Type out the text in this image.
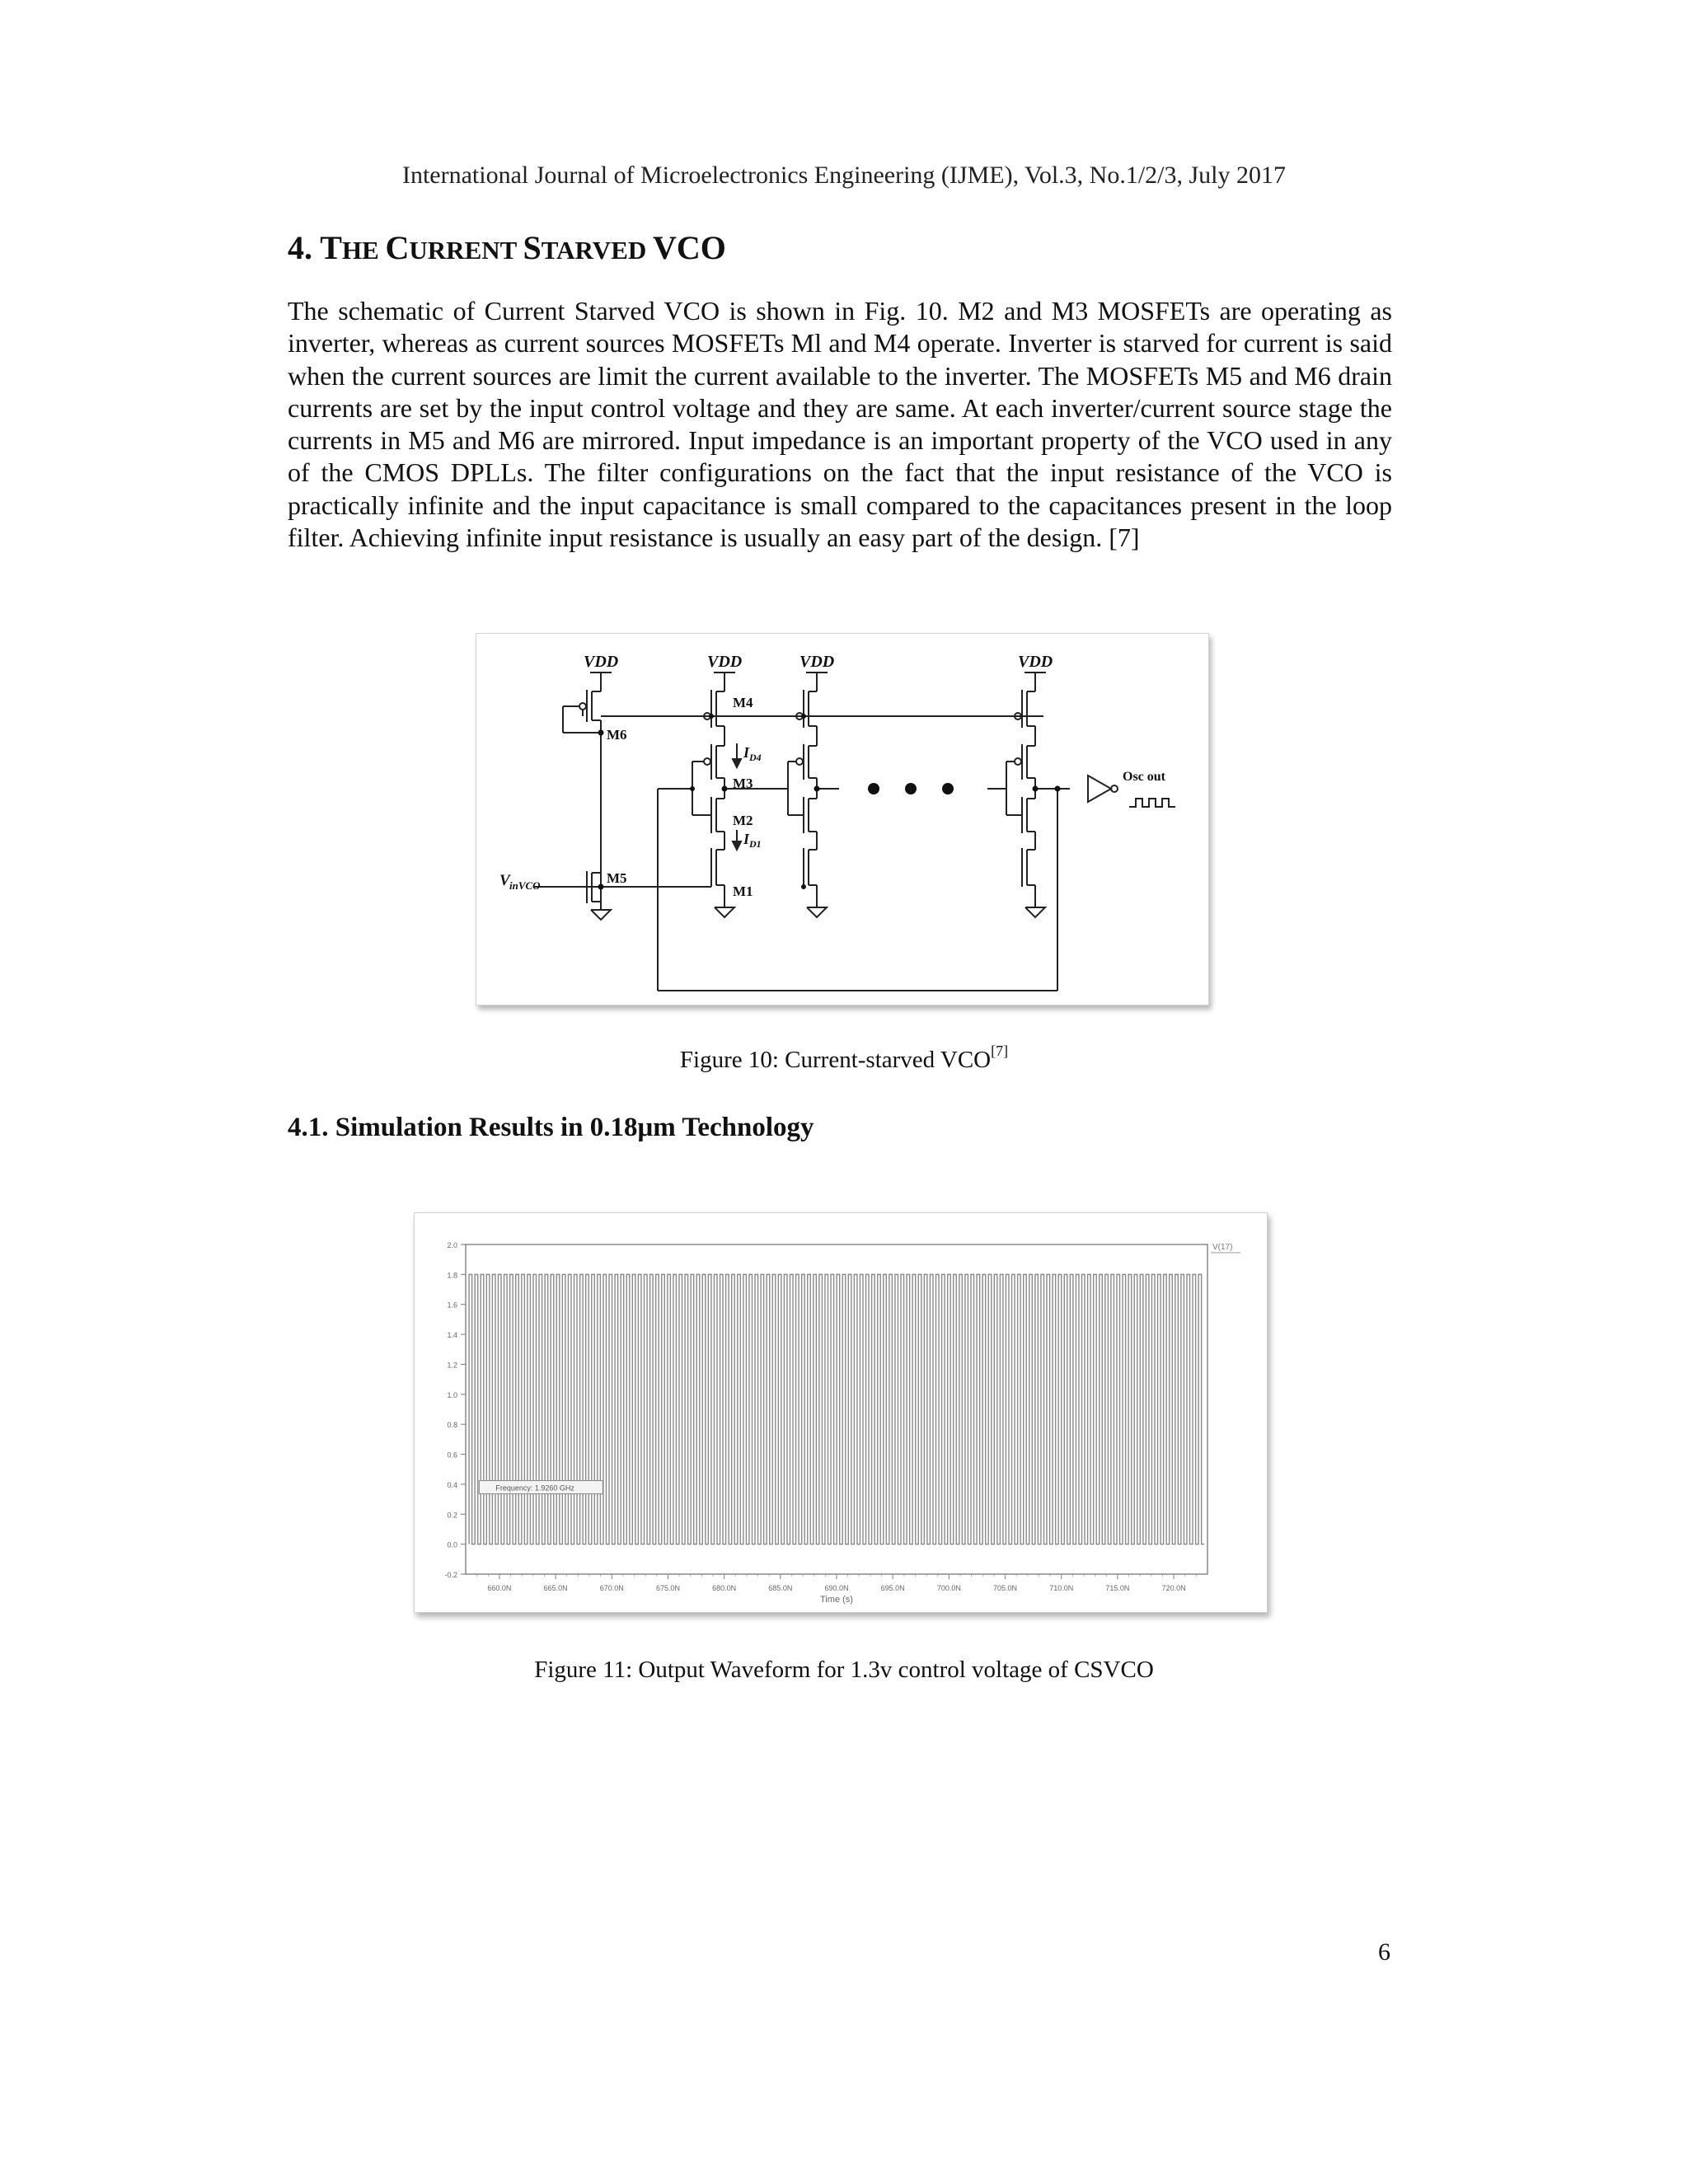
International Journal of Microelectronics Engineering (IJME), Vol.3, No.1/2/3, July 2017
4. THE CURRENT STARVED VCO

The schematic of Current Starved VCO is shown in Fig. 10. M2 and M3 MOSFETs are operating as inverter, whereas as current sources MOSFETs Ml and M4 operate. Inverter is starved for current is said when the current sources are limit the current available to the inverter. The MOSFETs M5 and M6 drain currents are set by the input control voltage and they are same. At each inverter/current source stage the currents in M5 and M6 are mirrored. Input impedance is an important property of the VCO used in any of the CMOS DPLLs. The filter configurations on the fact that the input resistance of the VCO is practically infinite and the input capacitance is small compared to the capacitances present in the loop filter. Achieving infinite input resistance is usually an easy part of the design. [7]

VDD	VDD	VDD	VDD
M4
M6
M3
M2
M1
M5
Osc out
I D4
I D1
V inVCO
Figure 10: Current-starved VCO[7]
4.1. Simulation Results in 0.18μm Technology
-0.2
0.0
0.2
0.4
0.6
0.8
1.0
1.2
1.4
1.6
1.8
2.0
660.0N	665.0N	670.0N	675.0N	680.0N	685.0N	690.0N	695.0N	700.0N	705.0N	710.0N	715.0N	720.0N
Time (s)
V(17)
Frequency: 1.9260 GHz
Figure 11: Output Waveform for 1.3v control voltage of CSVCO
6
